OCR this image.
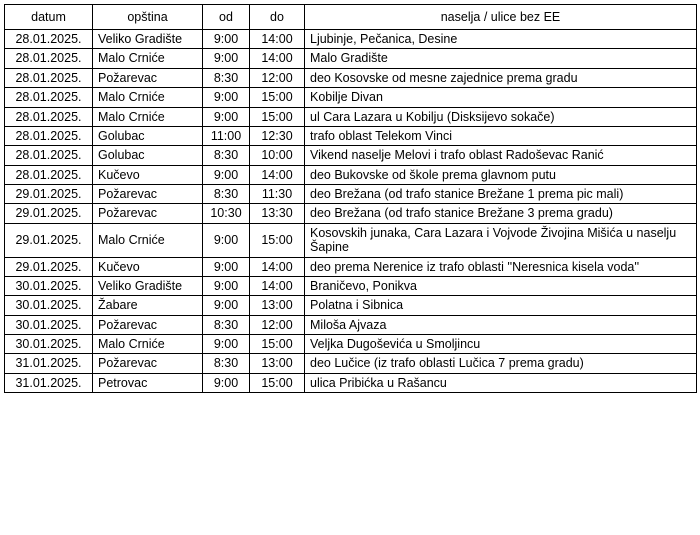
datum	opština	od	do	naselja / ulice bez EE
28.01.2025.	Veliko Gradište	9:00	14:00	Ljubinje, Pečanica, Desine
28.01.2025.	Malo Crniće	9:00	14:00	Malo Gradište
28.01.2025.	Požarevac	8:30	12:00	deo Kosovske od mesne zajednice prema gradu
28.01.2025.	Malo Crniće	9:00	15:00	Kobilje Divan
28.01.2025.	Malo Crniće	9:00	15:00	ul Cara Lazara u Kobilju (Disksijevo sokače)
28.01.2025.	Golubac	11:00	12:30	trafo oblast Telekom Vinci
28.01.2025.	Golubac	8:30	10:00	Vikend naselje Melovi i trafo oblast Radoševac Ranić
28.01.2025.	Kučevo	9:00	14:00	deo Bukovske od škole prema glavnom putu
29.01.2025.	Požarevac	8:30	11:30	deo Brežana (od trafo stanice Brežane 1 prema pic mali)
29.01.2025.	Požarevac	10:30	13:30	deo Brežana (od trafo stanice Brežane 3 prema gradu)
29.01.2025.	Malo Crniće	9:00	15:00	Kosovskih junaka, Cara Lazara i Vojvode Živojina Mišića u naselju Šapine
29.01.2025.	Kučevo	9:00	14:00	deo prema Nerenice iz trafo oblasti ''Neresnica kisela voda''
30.01.2025.	Veliko Gradište	9:00	14:00	Braničevo, Ponikva
30.01.2025.	Žabare	9:00	13:00	Polatna i Sibnica
30.01.2025.	Požarevac	8:30	12:00	Miloša Ajvaza
30.01.2025.	Malo Crniće	9:00	15:00	Veljka Dugoševića u Smoljincu
31.01.2025.	Požarevac	8:30	13:00	deo Lučice (iz trafo oblasti Lučica 7 prema gradu)
31.01.2025.	Petrovac	9:00	15:00	ulica Pribićka u Rašancu
